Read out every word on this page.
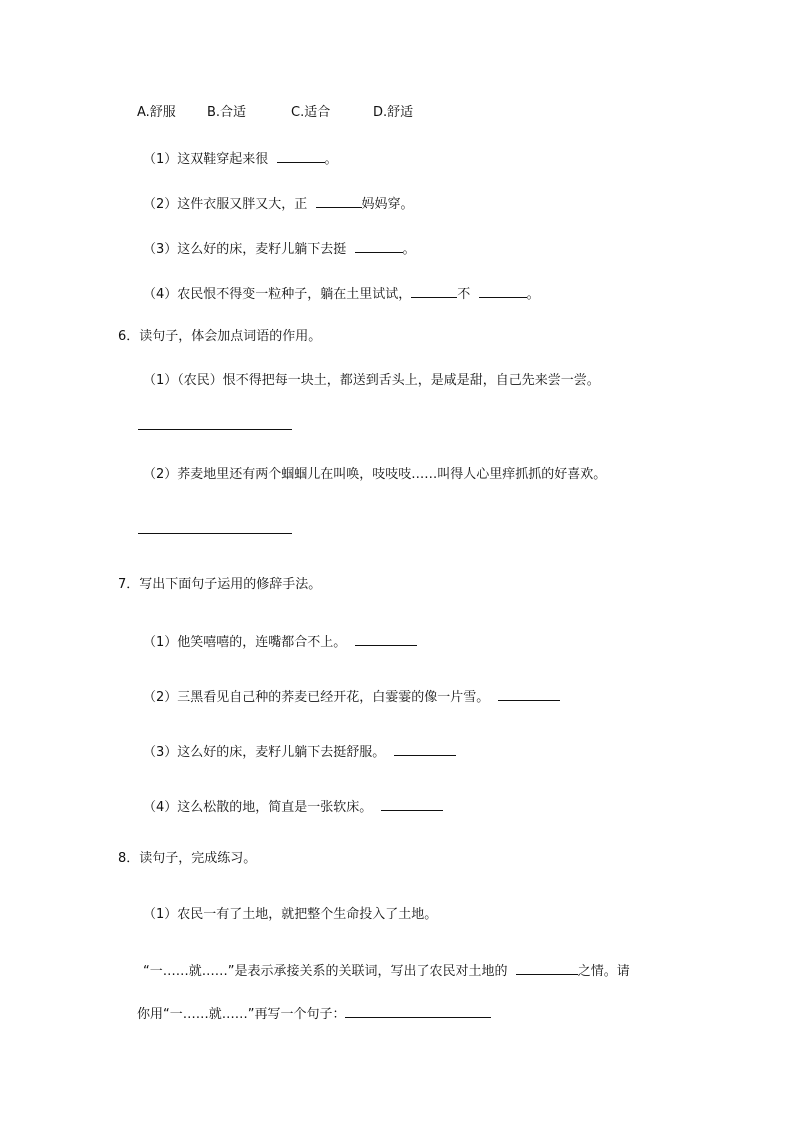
A.舒服 B.合适	C.适合	D.舒适
（1）这双鞋穿起来很	。
（2）这件衣服又胖又大，正	妈妈穿。
（3）这么好的床，麦籽儿躺下去挺	。
（4）农民恨不得变一粒种子，躺在土里试试，	不	。
6．读句子，体会加点词语的作用。
（1）（农民）恨不得把每一块土，都送到舌头上，是咸是甜，自己先来尝一尝。
（2）荞麦地里还有两个蝈蝈儿在叫唤，吱吱吱……叫得人心里痒抓抓的好喜欢。
7．写出下面句子运用的修辞手法。
（1）他笑嘻嘻的，连嘴都合不上。
（2）三黑看见自己种的荞麦已经开花，白霎霎的像一片雪。
（3）这么好的床，麦籽儿躺下去挺舒服。
（4）这么松散的地，简直是一张软床。
8．读句子，完成练习。
（1）农民一有了土地，就把整个生命投入了土地。
“一……就……”是表示承接关系的关联词，写出了农民对土地的	之情。请
你用“一……就……”再写一个句子：
